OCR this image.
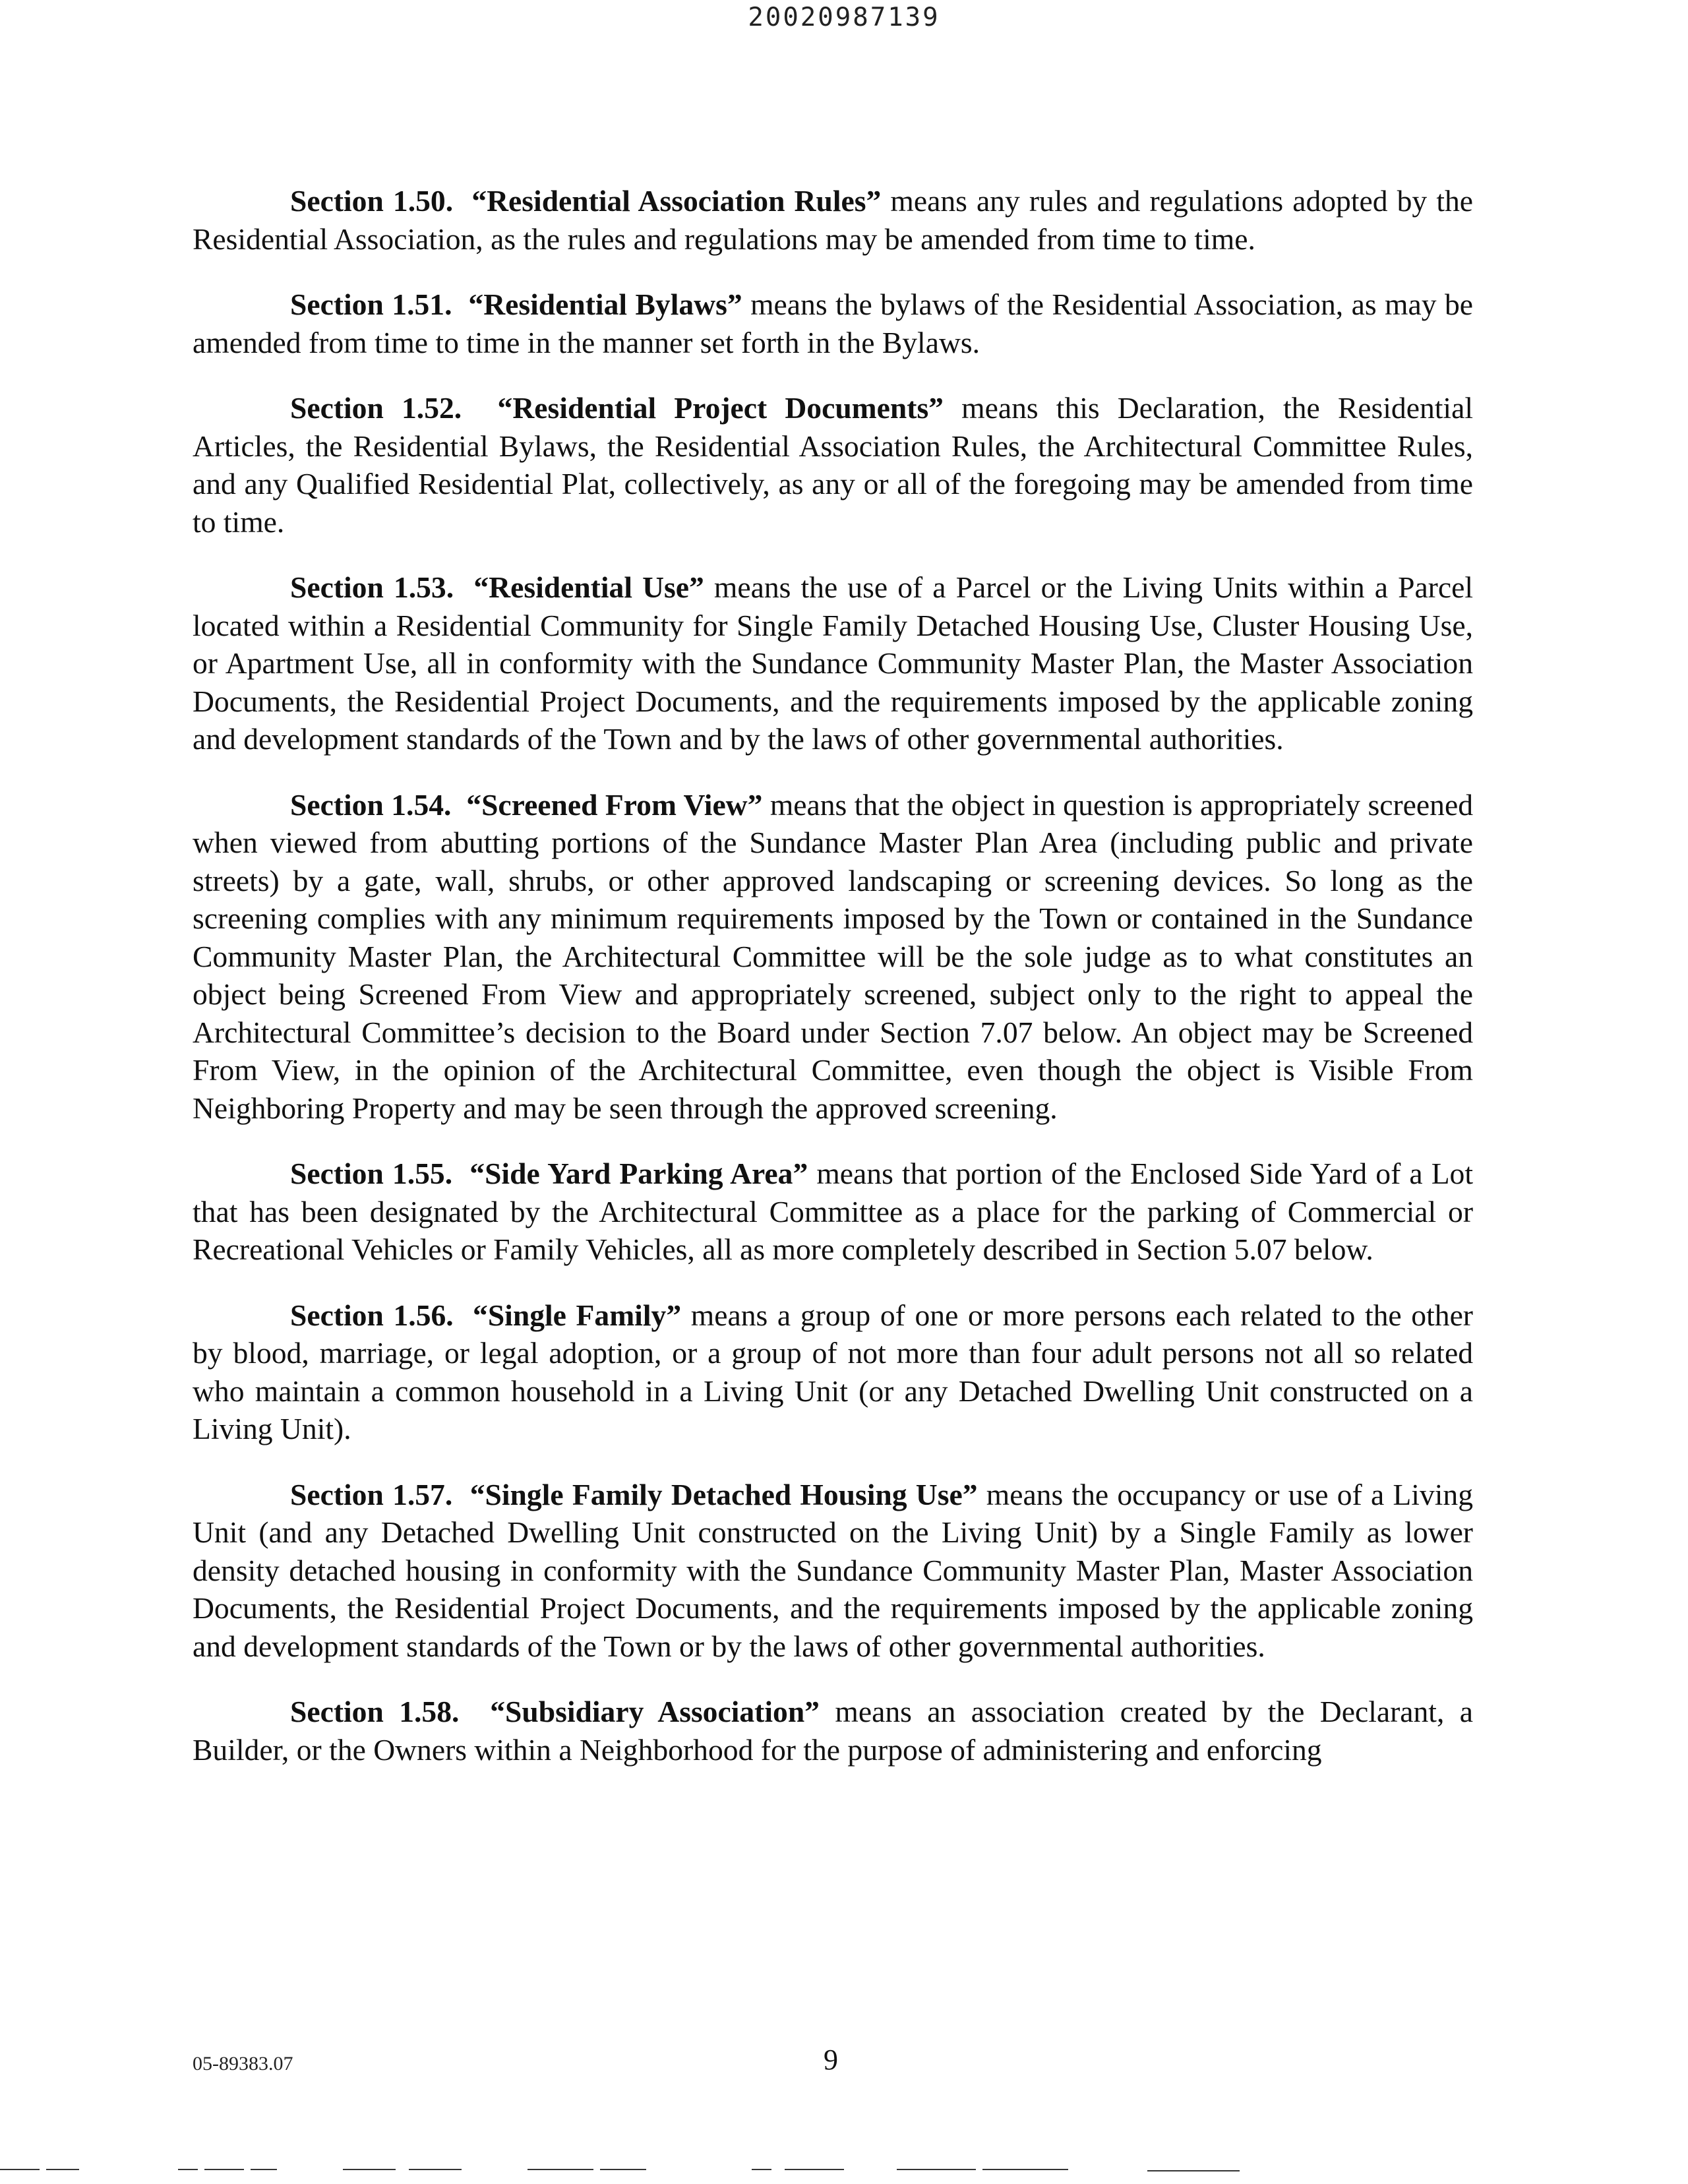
20020987139

Section 1.50. “Residential Association Rules” means any rules and regulations adopted by the Residential Association, as the rules and regulations may be amended from time to time.

Section 1.51. “Residential Bylaws” means the bylaws of the Residential Association, as may be amended from time to time in the manner set forth in the Bylaws.

Section 1.52. “Residential Project Documents” means this Declaration, the Residential Articles, the Residential Bylaws, the Residential Association Rules, the Architectural Committee Rules, and any Qualified Residential Plat, collectively, as any or all of the foregoing may be amended from time to time.

Section 1.53. “Residential Use” means the use of a Parcel or the Living Units within a Parcel located within a Residential Community for Single Family Detached Housing Use, Cluster Housing Use, or Apartment Use, all in conformity with the Sundance Community Master Plan, the Master Association Documents, the Residential Project Documents, and the requirements imposed by the applicable zoning and development standards of the Town and by the laws of other governmental authorities.

Section 1.54. “Screened From View” means that the object in question is appropriately screened when viewed from abutting portions of the Sundance Master Plan Area (including public and private streets) by a gate, wall, shrubs, or other approved landscaping or screening devices. So long as the screening complies with any minimum requirements imposed by the Town or contained in the Sundance Community Master Plan, the Architectural Committee will be the sole judge as to what constitutes an object being Screened From View and appropriately screened, subject only to the right to appeal the Architectural Committee’s decision to the Board under Section 7.07 below. An object may be Screened From View, in the opinion of the Architectural Committee, even though the object is Visible From Neighboring Property and may be seen through the approved screening.

Section 1.55. “Side Yard Parking Area” means that portion of the Enclosed Side Yard of a Lot that has been designated by the Architectural Committee as a place for the parking of Commercial or Recreational Vehicles or Family Vehicles, all as more completely described in Section 5.07 below.

Section 1.56. “Single Family” means a group of one or more persons each related to the other by blood, marriage, or legal adoption, or a group of not more than four adult persons not all so related who maintain a common household in a Living Unit (or any Detached Dwelling Unit constructed on a Living Unit).

Section 1.57. “Single Family Detached Housing Use” means the occupancy or use of a Living Unit (and any Detached Dwelling Unit constructed on the Living Unit) by a Single Family as lower density detached housing in conformity with the Sundance Community Master Plan, Master Association Documents, the Residential Project Documents, and the requirements imposed by the applicable zoning and development standards of the Town or by the laws of other governmental authorities.

Section 1.58. “Subsidiary Association” means an association created by the Declarant, a Builder, or the Owners within a Neighborhood for the purpose of administering and enforcing

05-89383.07	9
